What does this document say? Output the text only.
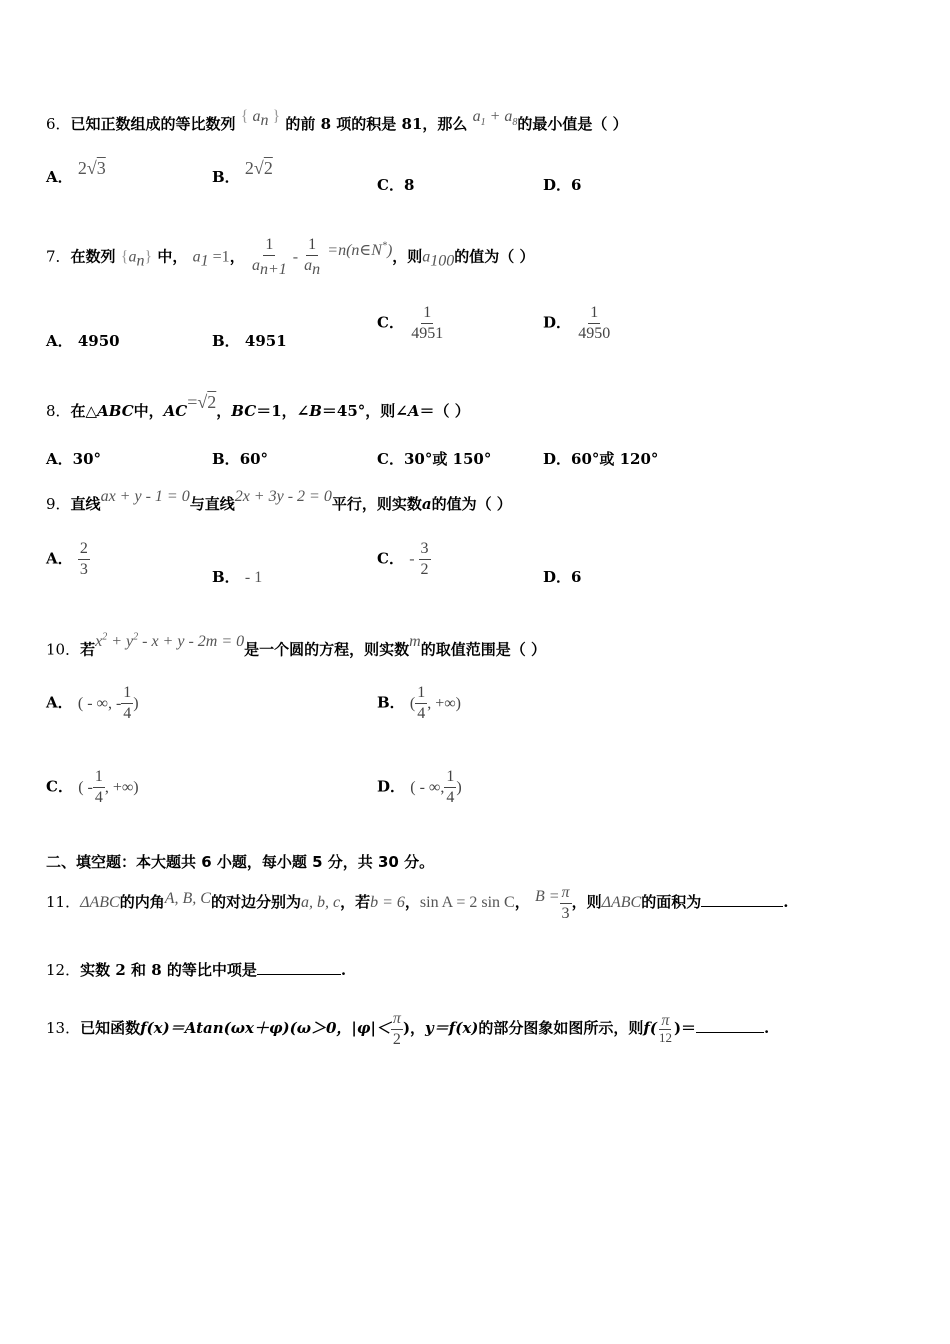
6．已知正数组成的等比数列 { $a_n$ } 的前 8 项的积是 81，那么 $a_1 + a_8$的最小值是（ ）
A． 2√3	B． 2√2
C．8	D．6
7．在数列 $\{a_n\}$ 中， $a_1 =1$， $\frac{1}{a_{n+1}} - \frac{1}{a_n}$ =n(n∈N*)，则$a_{100}$的值为（ ）
A． 4950	B． 4951
C． $\frac{1}{4951}$	D． $\frac{1}{4950}$
8．在△ABC中，AC=√2，BC＝1，∠B＝45°，则∠A＝（ ）
A．30°	B．60°	C．30°或 150°	D．60°或 120°
9．直线ax + y - 1 = 0与直线2x + 3y - 2 = 0平行，则实数a的值为（ ）
A． $\frac{2}{3}$	B． - 1
C． - $\frac{3}{2}$	D．6
10．若$x^2 + y^2 - x + y - 2m = 0$是一个圆的方程，则实数m的取值范围是（ ）
A． ( - ∞, - $\frac{1}{4}$ )	B． ( $\frac{1}{4}$ , +∞)
C． ( - $\frac{1}{4}$ , +∞)	D． ( - ∞, $\frac{1}{4}$ )
二、填空题：本大题共 6 小题，每小题 5 分，共 30 分。
11．ΔABC的内角A, B, C的对边分别为a, b, c，若b = 6，sin A = 2 sin C， $B = \frac{\pi}{3}$ ，则ΔABC的面积为	.
12．实数 2 和 8 的等比中项是	.
13．已知函数f(x)＝Atan(ωx＋φ)(ω＞0，$|\varphi|< \frac{\pi}{2}$ )，y＝f(x)的部分图象如图所示，则$f( \frac{\pi}{12}$ )＝	.
